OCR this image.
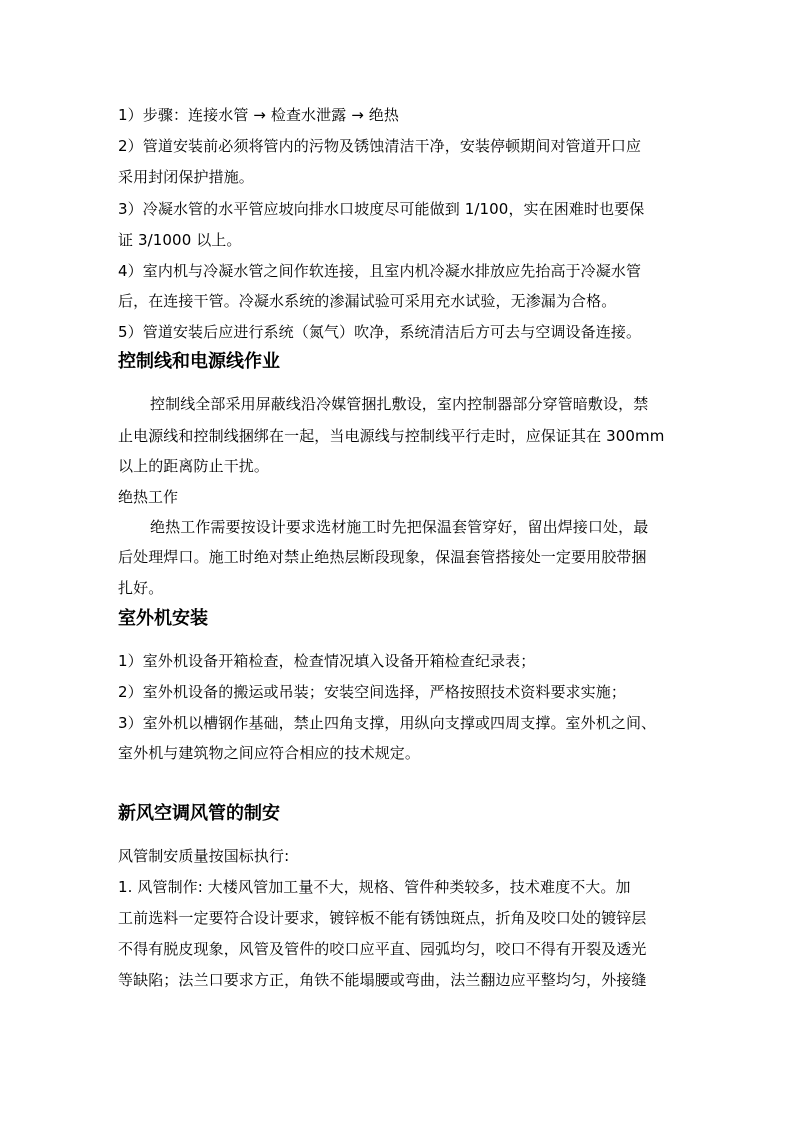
1）步骤：连接水管 → 检查水泄露 → 绝热
2）管道安装前必须将管内的污物及锈蚀清洁干净，安装停顿期间对管道开口应
采用封闭保护措施。
3）冷凝水管的水平管应坡向排水口坡度尽可能做到 1/100，实在困难时也要保
证 3/1000 以上。
4）室内机与冷凝水管之间作软连接，且室内机冷凝水排放应先抬高于冷凝水管
后，在连接干管。冷凝水系统的渗漏试验可采用充水试验，无渗漏为合格。
5）管道安装后应进行系统（氮气）吹净，系统清洁后方可去与空调设备连接。
控制线和电源线作业
控制线全部采用屏蔽线沿冷媒管捆扎敷设，室内控制器部分穿管暗敷设，禁
止电源线和控制线捆绑在一起，当电源线与控制线平行走时，应保证其在 300mm
以上的距离防止干扰。
绝热工作
绝热工作需要按设计要求选材施工时先把保温套管穿好，留出焊接口处，最
后处理焊口。施工时绝对禁止绝热层断段现象，保温套管搭接处一定要用胶带捆
扎好。
室外机安装
1）室外机设备开箱检查，检查情况填入设备开箱检查纪录表；
2）室外机设备的搬运或吊装；安装空间选择，严格按照技术资料要求实施；
3）室外机以槽钢作基础，禁止四角支撑，用纵向支撑或四周支撑。室外机之间、
室外机与建筑物之间应符合相应的技术规定。
新风空调风管的制安
风管制安质量按国标执行:
1. 风管制作: 大楼风管加工量不大，规格、管件种类较多，技术难度不大。加
工前选料一定要符合设计要求，镀锌板不能有锈蚀斑点，折角及咬口处的镀锌层
不得有脱皮现象，风管及管件的咬口应平直、园弧均匀，咬口不得有开裂及透光
等缺陷；法兰口要求方正，角铁不能塌腰或弯曲，法兰翻边应平整均匀，外接缝
